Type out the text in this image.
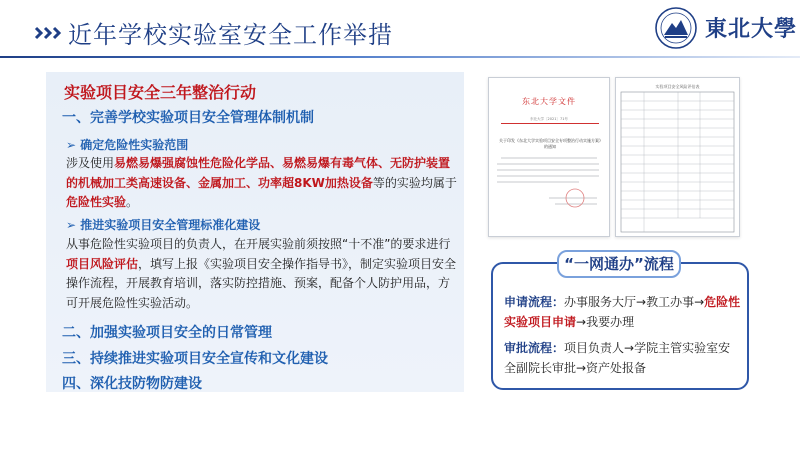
近年学校实验室安全工作举措	東北大學
实验项目安全三年整治行动
一、完善学校实验项目安全管理体制机制
➢ 确定危险性实验范围
涉及使用易燃易爆强腐蚀性危险化学品、易燃易爆有毒气体、无防护装置的机械加工类高速设备、金属加工、功率超8KW加热设备等的实验均属于危险性实验。
➢ 推进实验项目安全管理标准化建设
从事危险性实验项目的负责人，在开展实验前须按照“十不准”的要求进行项目风险评估，填写上报《实验项目安全操作指导书》，制定实验项目安全操作流程，开展教育培训，落实防控措施、预案，配备个人防护用品，方可开展危险性实验活动。
二、加强实验项目安全的日常管理
三、持续推进实验项目安全宣传和文化建设
四、深化技防物防建设
东北大学文件
东北大学〔2021〕71号
关于印发《东北大学实验项目安全专项整治行动实施方案》的通知
实验项目安全风险评估表
“一网通办”流程
申请流程：办事服务大厅→教工办事→危险性实验项目申请→我要办理
审批流程：项目负责人→学院主管实验室安全副院长审批→资产处报备
